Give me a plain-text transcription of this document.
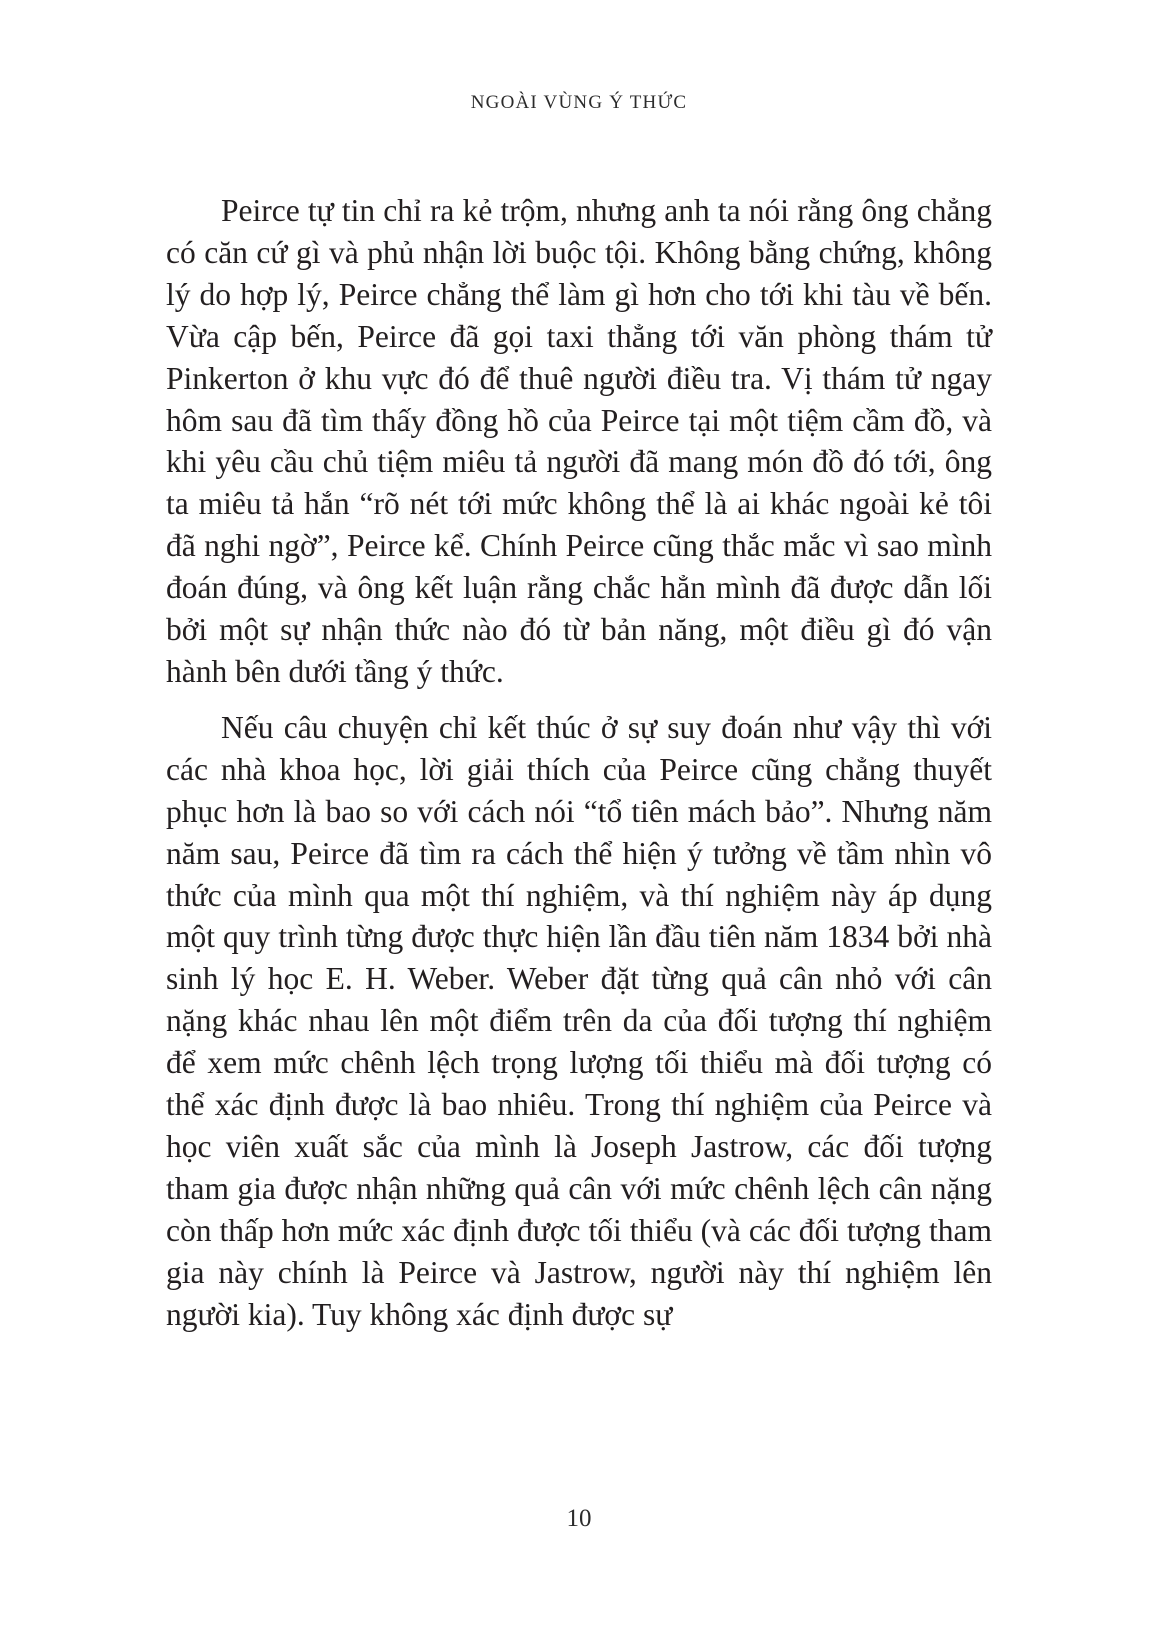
NGOÀI VÙNG Ý THỨC

Peirce tự tin chỉ ra kẻ trộm, nhưng anh ta nói rằng ông chẳng có căn cứ gì và phủ nhận lời buộc tội. Không bằng chứng, không lý do hợp lý, Peirce chẳng thể làm gì hơn cho tới khi tàu về bến. Vừa cập bến, Peirce đã gọi taxi thẳng tới văn phòng thám tử Pinkerton ở khu vực đó để thuê người điều tra. Vị thám tử ngay hôm sau đã tìm thấy đồng hồ của Peirce tại một tiệm cầm đồ, và khi yêu cầu chủ tiệm miêu tả người đã mang món đồ đó tới, ông ta miêu tả hắn “rõ nét tới mức không thể là ai khác ngoài kẻ tôi đã nghi ngờ”, Peirce kể. Chính Peirce cũng thắc mắc vì sao mình đoán đúng, và ông kết luận rằng chắc hẳn mình đã được dẫn lối bởi một sự nhận thức nào đó từ bản năng, một điều gì đó vận hành bên dưới tầng ý thức.

Nếu câu chuyện chỉ kết thúc ở sự suy đoán như vậy thì với các nhà khoa học, lời giải thích của Peirce cũng chẳng thuyết phục hơn là bao so với cách nói “tổ tiên mách bảo”. Nhưng năm năm sau, Peirce đã tìm ra cách thể hiện ý tưởng về tầm nhìn vô thức của mình qua một thí nghiệm, và thí nghiệm này áp dụng một quy trình từng được thực hiện lần đầu tiên năm 1834 bởi nhà sinh lý học E. H. Weber. Weber đặt từng quả cân nhỏ với cân nặng khác nhau lên một điểm trên da của đối tượng thí nghiệm để xem mức chênh lệch trọng lượng tối thiểu mà đối tượng có thể xác định được là bao nhiêu. Trong thí nghiệm của Peirce và học viên xuất sắc của mình là Joseph Jastrow, các đối tượng tham gia được nhận những quả cân với mức chênh lệch cân nặng còn thấp hơn mức xác định được tối thiểu (và các đối tượng tham gia này chính là Peirce và Jastrow, người này thí nghiệm lên người kia). Tuy không xác định được sự

10
